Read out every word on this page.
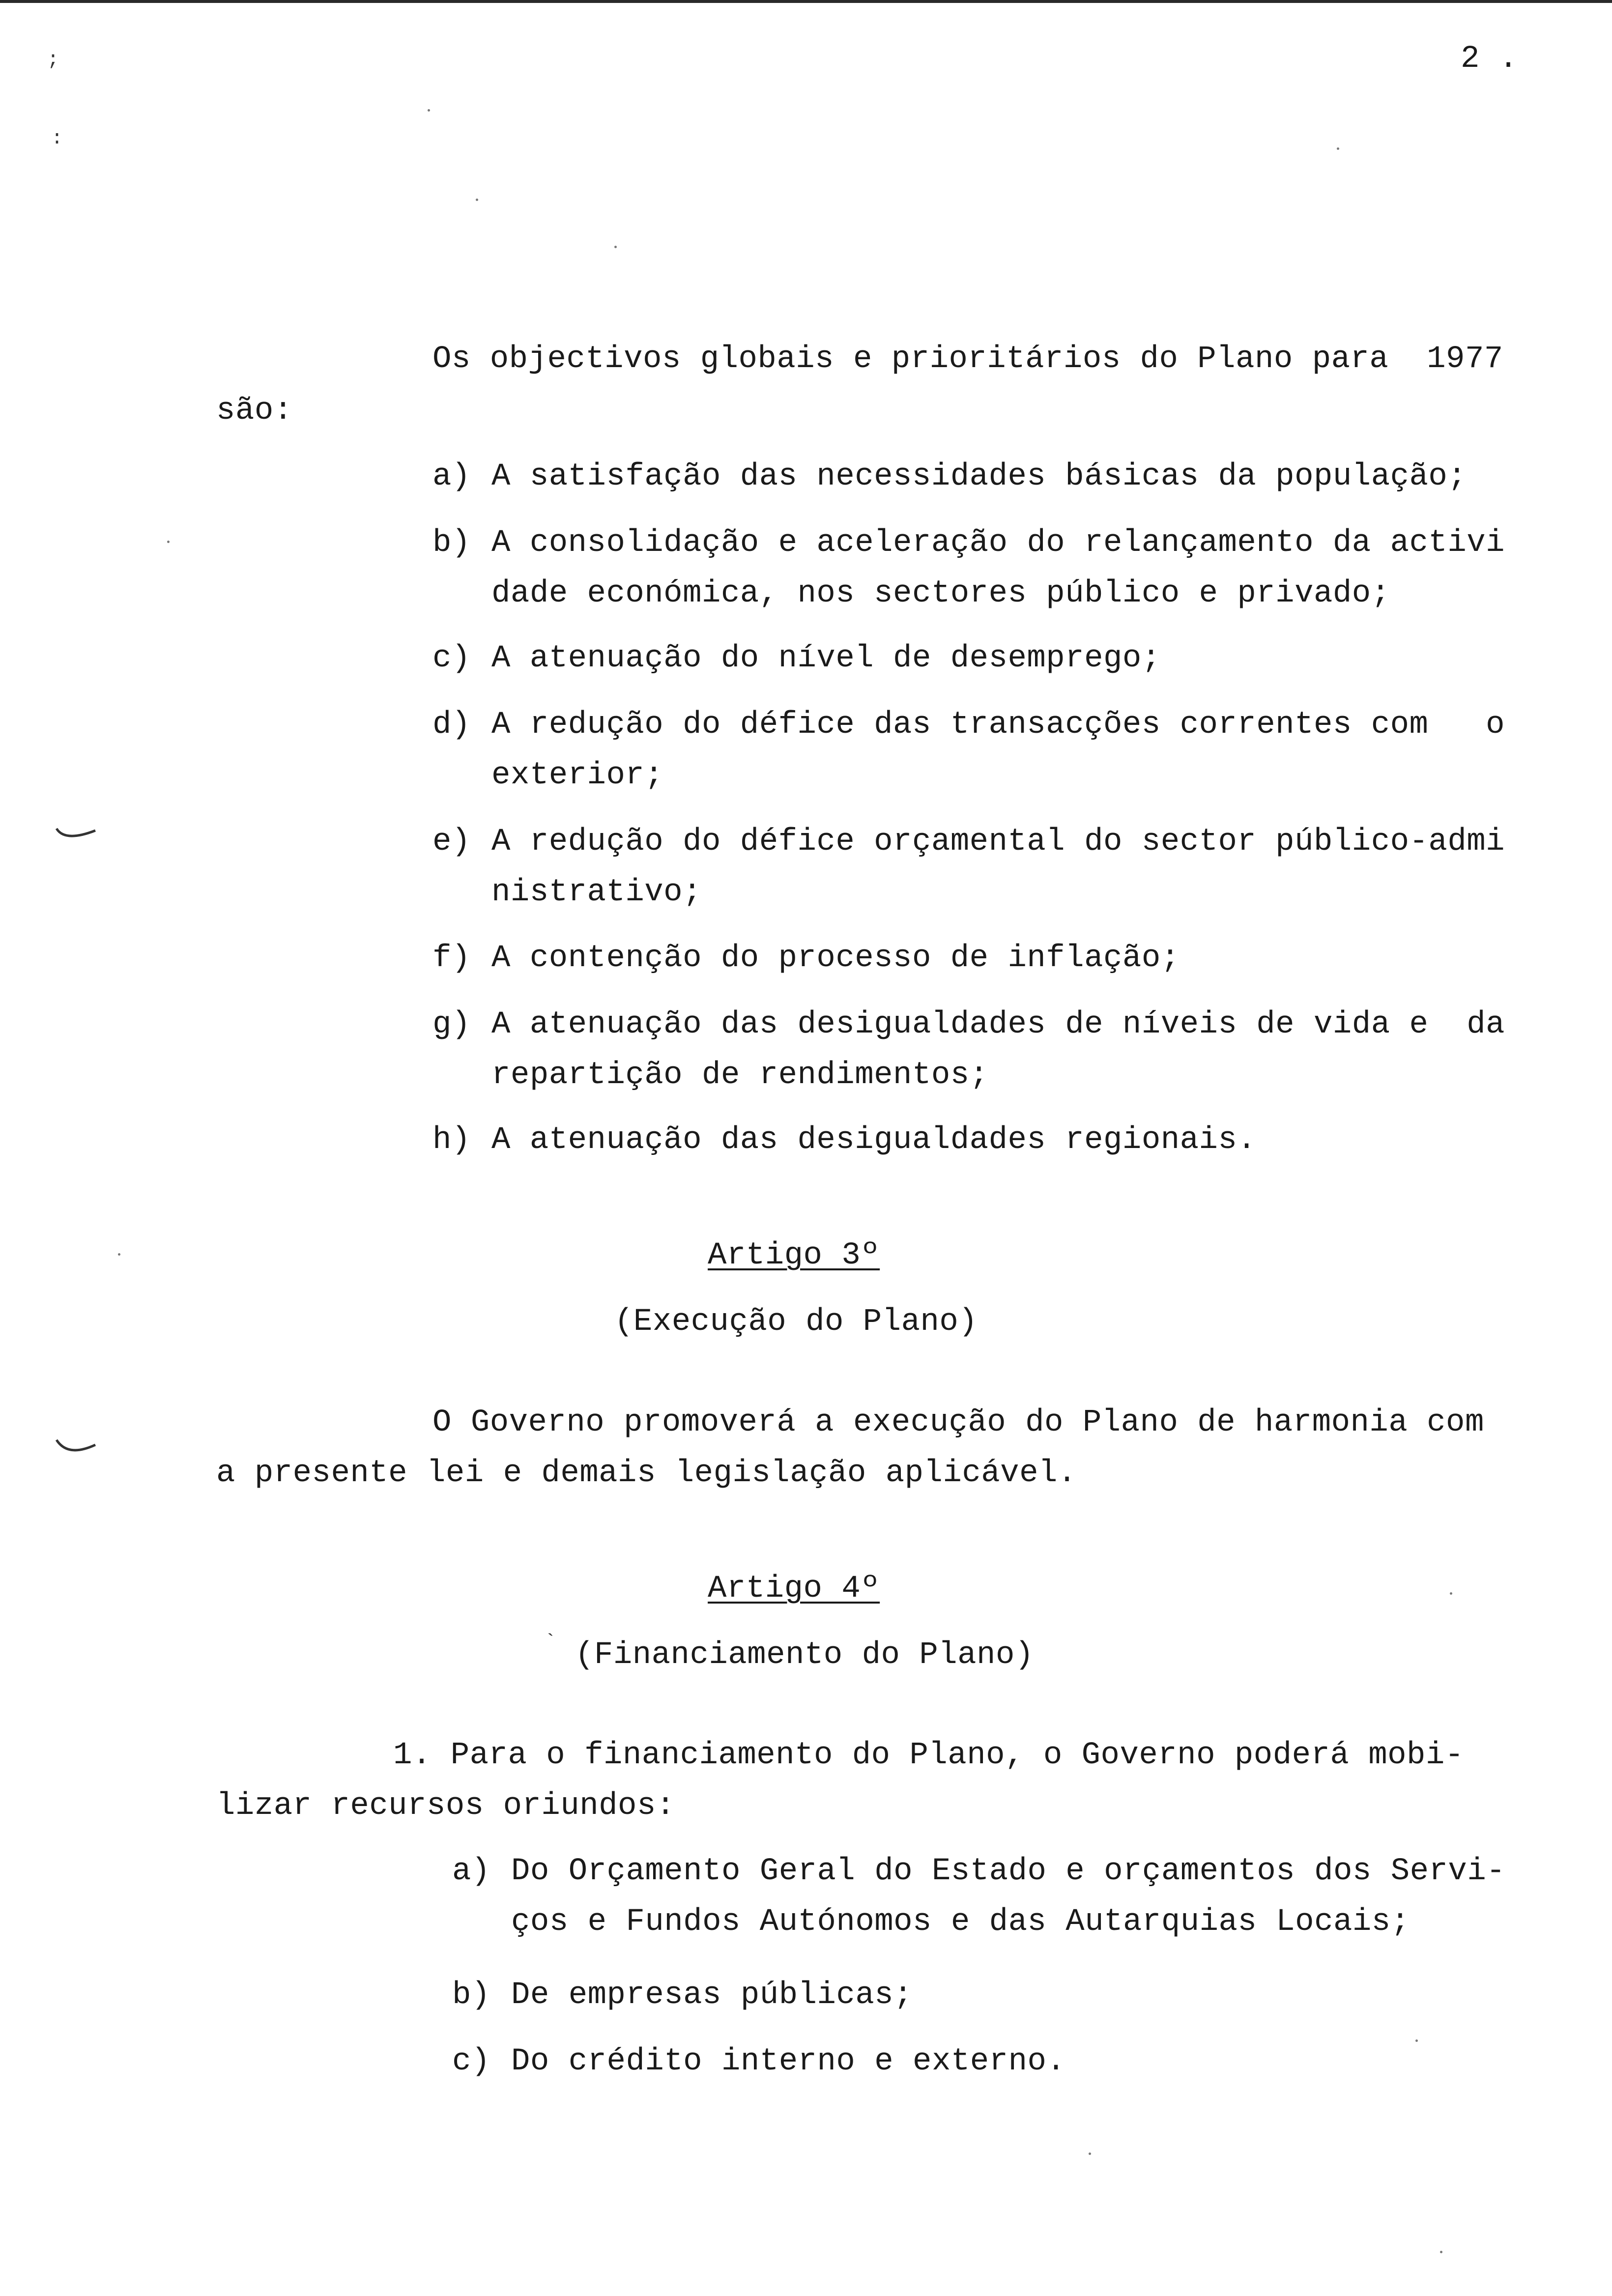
2 .
;
:
Os objectivos globais e prioritários do Plano para  1977
são:
a) A satisfação das necessidades básicas da população;
b) A consolidação e aceleração do relançamento da activi
dade económica, nos sectores público e privado;
c) A atenuação do nível de desemprego;
d) A redução do défice das transacções correntes com   o
exterior;
e) A redução do défice orçamental do sector público-admi
nistrativo;
f) A contenção do processo de inflação;
g) A atenuação das desigualdades de níveis de vida e  da
repartição de rendimentos;
h) A atenuação das desigualdades regionais.
Artigo 3º
(Execução do Plano)
O Governo promoverá a execução do Plano de harmonia com
a presente lei e demais legislação aplicável.
Artigo 4º
` (Financiamento do Plano)
1. Para o financiamento do Plano, o Governo poderá mobi-
lizar recursos oriundos:
a) Do Orçamento Geral do Estado e orçamentos dos Servi-
ços e Fundos Autónomos e das Autarquias Locais;
b) De empresas públicas;
c) Do crédito interno e externo.
